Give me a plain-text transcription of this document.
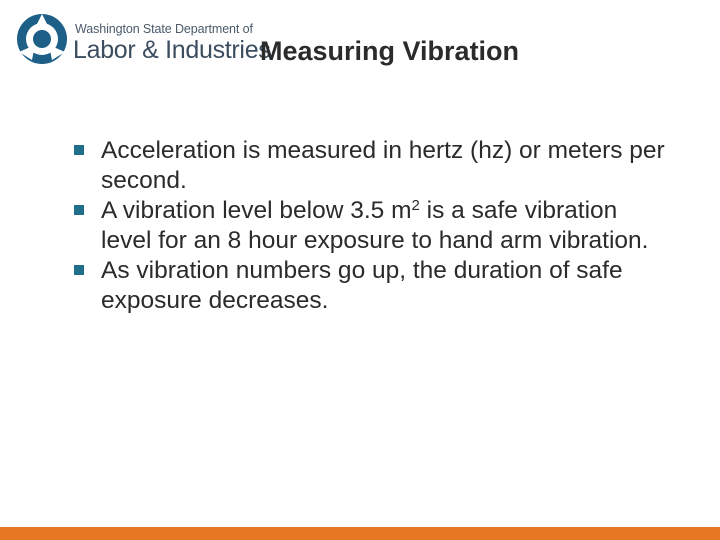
Washington State Department of
Labor & Industries
Measuring Vibration
Acceleration is measured in hertz (hz) or meters per second.
A vibration level below 3.5 $m^2$ is a safe vibration level for an 8 hour exposure to hand arm vibration.
As vibration numbers go up, the duration of safe exposure decreases.
